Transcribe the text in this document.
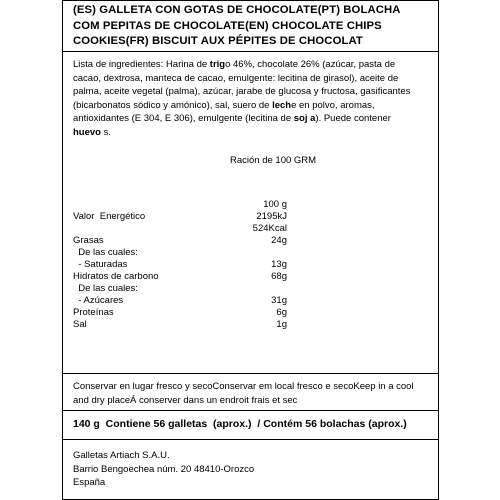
(ES) GALLETA CON GOTAS DE CHOCOLATE(PT) BOLACHA
COM PEPITAS DE CHOCOLATE(EN) CHOCOLATE CHIPS
COOKIES(FR) BISCUIT AUX PÉPITES DE CHOCOLAT
Lista de ingredientes: Harina de trigo 46%, chocolate 26% (azúcar, pasta de cacao, dextrosa, manteca de cacao, emulgente: lecitina de girasol), aceite de palma, aceite vegetal (palma), azúcar, jarabe de glucosa y fructosa, gasificantes (bicarbonatos sódico y amónico), sal, suero de leche en polvo, aromas, antioxidantes (E 304, E 306), emulgente (lecitina de soj a). Puede contener huevo s.
Ración de 100 GRM
100 g
Valor  Energético	2195kJ
524Kcal
Grasas	24g
De las cuales:
- Saturadas	13g
Hidratos de carbono	68g
De las cuales:
- Azúcares	31g
Proteínas	6g
Sal	1g
Conservar en lugar fresco y secoConservar em local fresco e secoKeep in a cool and dry placeÁ conserver dans un endroit frais et sec
140 g  Contiene 56 galletas  (aprox.)  / Contém 56 bolachas (aprox.)
Galletas Artiach S.A.U.
Barrio Bengoechea núm. 20 48410-Orozco
España
